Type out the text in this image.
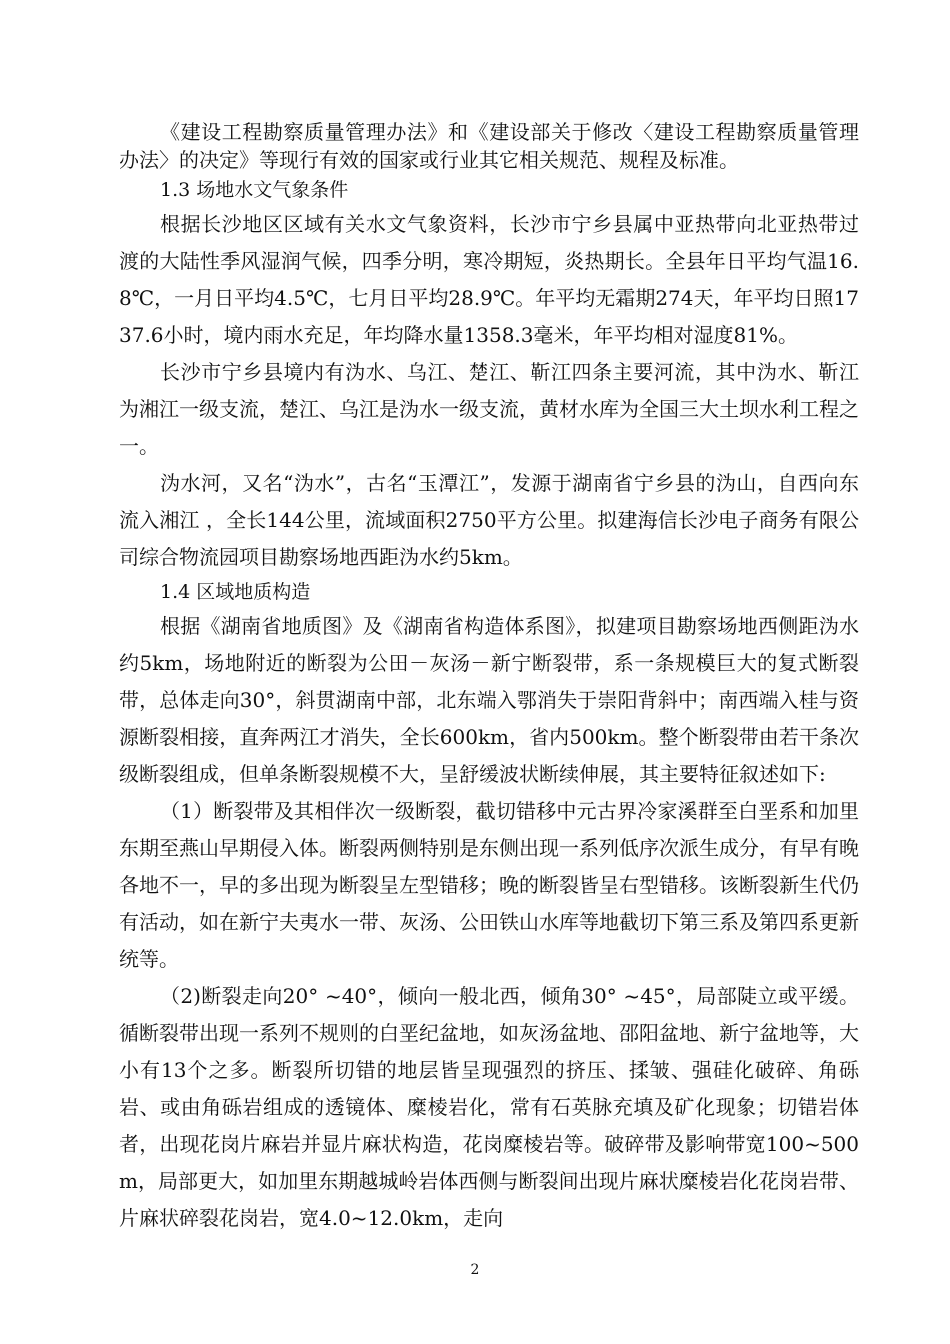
《建设工程勘察质量管理办法》和《建设部关于修改〈建设工程勘察质量管理办法〉的决定》等现行有效的国家或行业其它相关规范、规程及标准。

1.3 场地水文气象条件

根据长沙地区区域有关水文气象资料，长沙市宁乡县属中亚热带向北亚热带过渡的大陆性季风湿润气候，四季分明，寒冷期短，炎热期长。全县年日平均气温16.8℃，一月日平均4.5℃，七月日平均28.9℃。年平均无霜期274天，年平均日照1737.6小时，境内雨水充足，年均降水量1358.3毫米，年平均相对湿度81%。

长沙市宁乡县境内有沩水、乌江、楚江、靳江四条主要河流，其中沩水、靳江为湘江一级支流，楚江、乌江是沩水一级支流，黄材水库为全国三大土坝水利工程之一。

沩水河，又名“沩水”，古名“玉潭江”，发源于湖南省宁乡县的沩山，自西向东流入湘江 ，全长144公里，流域面积2750平方公里。拟建海信长沙电子商务有限公司综合物流园项目勘察场地西距沩水约5km。

1.4 区域地质构造

根据《湖南省地质图》及《湖南省构造体系图》，拟建项目勘察场地西侧距沩水约5km，场地附近的断裂为公田－灰汤－新宁断裂带，系一条规模巨大的复式断裂带，总体走向30°，斜贯湖南中部，北东端入鄂消失于崇阳背斜中；南西端入桂与资源断裂相接，直奔两江才消失，全长600km，省内500km。整个断裂带由若干条次级断裂组成，但单条断裂规模不大，呈舒缓波状断续伸展，其主要特征叙述如下:

（1）断裂带及其相伴次一级断裂，截切错移中元古界冷家溪群至白垩系和加里东期至燕山早期侵入体。断裂两侧特别是东侧出现一系列低序次派生成分，有早有晚各地不一，早的多出现为断裂呈左型错移；晚的断裂皆呈右型错移。该断裂新生代仍有活动，如在新宁夫夷水一带、灰汤、公田铁山水库等地截切下第三系及第四系更新统等。

（2)断裂走向20° ~40°，倾向一般北西，倾角30° ~45°，局部陡立或平缓。循断裂带出现一系列不规则的白垩纪盆地，如灰汤盆地、邵阳盆地、新宁盆地等，大小有13个之多。断裂所切错的地层皆呈现强烈的挤压、揉皱、强硅化破碎、角砾岩、或由角砾岩组成的透镜体、糜棱岩化，常有石英脉充填及矿化现象；切错岩体者，出现花岗片麻岩并显片麻状构造，花岗糜棱岩等。破碎带及影响带宽100~500m，局部更大，如加里东期越城岭岩体西侧与断裂间出现片麻状糜棱岩化花岗岩带、片麻状碎裂花岗岩，宽4.0~12.0km，走向

2
